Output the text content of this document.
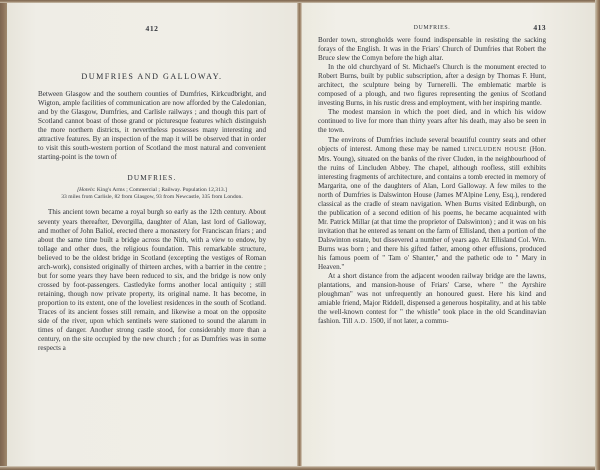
412
DUMFRIES AND GALLOWAY.

Between Glasgow and the southern counties of Dumfries, Kirkcudbright, and Wigton, ample facilities of communication are now afforded by the Caledonian, and by the Glasgow, Dumfries, and Carlisle railways ; and though this part of Scotland cannot boast of those grand or picturesque features which distinguish the more northern districts, it nevertheless possesses many interesting and attractive features. By an inspection of the map it will be observed that in order to visit this south-western portion of Scotland the most natural and convenient starting-point is the town of

DUMFRIES.
[Hotels: King's Arms ; Commercial ; Railway. Population 12,313.]
33 miles from Carlisle, 82 from Glasgow, 93 from Newcastle, 335 from London.

This ancient town became a royal burgh so early as the 12th century. About seventy years thereafter, Devorgilla, daughter of Alan, last lord of Galloway, and mother of John Baliol, erected there a monastery for Franciscan friars ; and about the same time built a bridge across the Nith, with a view to endow, by tollage and other dues, the religious foundation. This remarkable structure, believed to be the oldest bridge in Scotland (excepting the vestiges of Roman arch-work), consisted originally of thirteen arches, with a barrier in the centre ; but for some years they have been reduced to six, and the bridge is now only crossed by foot-passengers. Castledyke forms another local antiquity ; still retaining, though now private property, its original name. It has become, in proportion to its extent, one of the loveliest residences in the south of Scotland. Traces of its ancient fosses still remain, and likewise a moat on the opposite side of the river, upon which sentinels were stationed to sound the alarum in times of danger. Another strong castle stood, for considerably more than a century, on the site occupied by the new church ; for as Dumfries was in some respects a

DUMFRIES.	413

Border town, strongholds were found indispensable in resisting the sacking forays of the English. It was in the Friars' Church of Dumfries that Robert the Bruce slew the Comyn before the high altar.

In the old churchyard of St. Michael's Church is the monument erected to Robert Burns, built by public subscription, after a design by Thomas F. Hunt, architect, the sculpture being by Turnerelli. The emblematic marble is composed of a plough, and two figures representing the genius of Scotland investing Burns, in his rustic dress and employment, with her inspiring mantle.

The modest mansion in which the poet died, and in which his widow continued to live for more than thirty years after his death, may also be seen in the town.

The environs of Dumfries include several beautiful country seats and other objects of interest. Among these may be named LINCLUDEN HOUSE (Hon. Mrs. Young), situated on the banks of the river Cluden, in the neighbourhood of the ruins of Lincluden Abbey. The chapel, although roofless, still exhibits interesting fragments of architecture, and contains a tomb erected in memory of Margarita, one of the daughters of Alan, Lord Galloway. A few miles to the north of Dumfries is Dalswinton House (James M'Alpine Leny, Esq.), rendered classical as the cradle of steam navigation. When Burns visited Edinburgh, on the publication of a second edition of his poems, he became acquainted with Mr. Patrick Millar (at that time the proprietor of Dalswinton) ; and it was on his invitation that he entered as tenant on the farm of Ellisland, then a portion of the Dalswinton estate, but dissevered a number of years ago. At Ellisland Col. Wm. Burns was born ; and there his gifted father, among other effusions, produced his famous poem of " Tam o' Shanter," and the pathetic ode to " Mary in Heaven."

At a short distance from the adjacent wooden railway bridge are the lawns, plantations, and mansion-house of Friars' Carse, where " the Ayrshire ploughman" was not unfrequently an honoured guest. Here his kind and amiable friend, Major Riddell, dispensed a generous hospitality, and at his table the well-known contest for " the whistle" took place in the old Scandinavian fashion. Till A.D. 1500, if not later, a commu-
